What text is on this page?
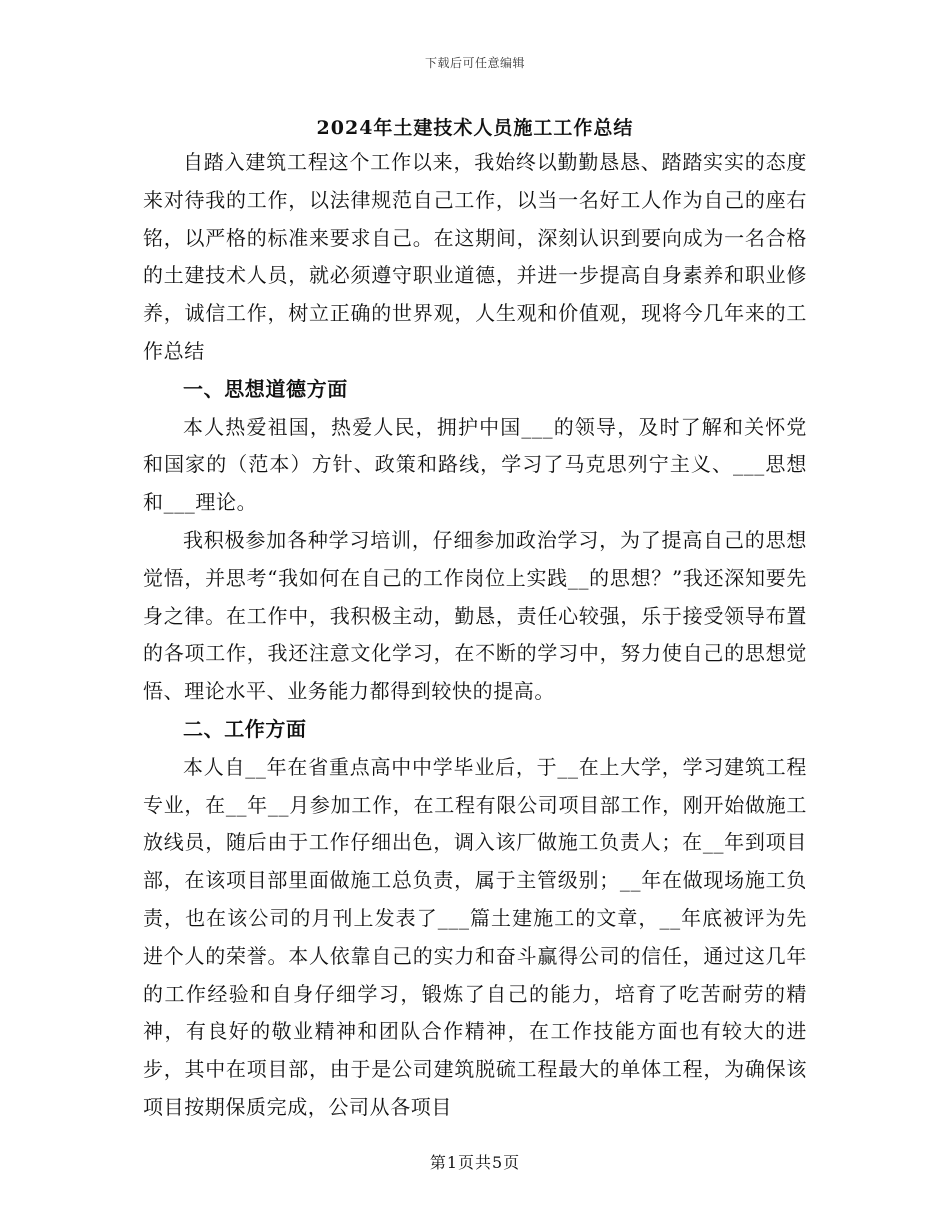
下载后可任意编辑
2024年土建技术人员施工工作总结

自踏入建筑工程这个工作以来，我始终以勤勤恳恳、踏踏实实的态度来对待我的工作，以法律规范自己工作，以当一名好工人作为自己的座右铭，以严格的标准来要求自己。在这期间，深刻认识到要向成为一名合格的土建技术人员，就必须遵守职业道德，并进一步提高自身素养和职业修养，诚信工作，树立正确的世界观，人生观和价值观，现将今几年来的工作总结

一、思想道德方面

本人热爱祖国，热爱人民，拥护中国___的领导，及时了解和关怀党和国家的（范本）方针、政策和路线，学习了马克思列宁主义、___思想和___理论。

我积极参加各种学习培训，仔细参加政治学习，为了提高自己的思想觉悟，并思考“我如何在自己的工作岗位上实践__的思想？”我还深知要先身之律。在工作中，我积极主动，勤恳，责任心较强，乐于接受领导布置的各项工作，我还注意文化学习，在不断的学习中，努力使自己的思想觉悟、理论水平、业务能力都得到较快的提高。

二、工作方面

本人自__年在省重点高中中学毕业后，于__在上大学，学习建筑工程专业，在__年__月参加工作，在工程有限公司项目部工作，刚开始做施工放线员，随后由于工作仔细出色，调入该厂做施工负责人；在__年到项目部，在该项目部里面做施工总负责，属于主管级别；__年在做现场施工负责，也在该公司的月刊上发表了___篇土建施工的文章，__年底被评为先进个人的荣誉。本人依靠自己的实力和奋斗赢得公司的信任，通过这几年的工作经验和自身仔细学习，锻炼了自己的能力，培育了吃苦耐劳的精神，有良好的敬业精神和团队合作精神，在工作技能方面也有较大的进步，其中在项目部，由于是公司建筑脱硫工程最大的单体工程，为确保该项目按期保质完成，公司从各项目

第1页共5页
